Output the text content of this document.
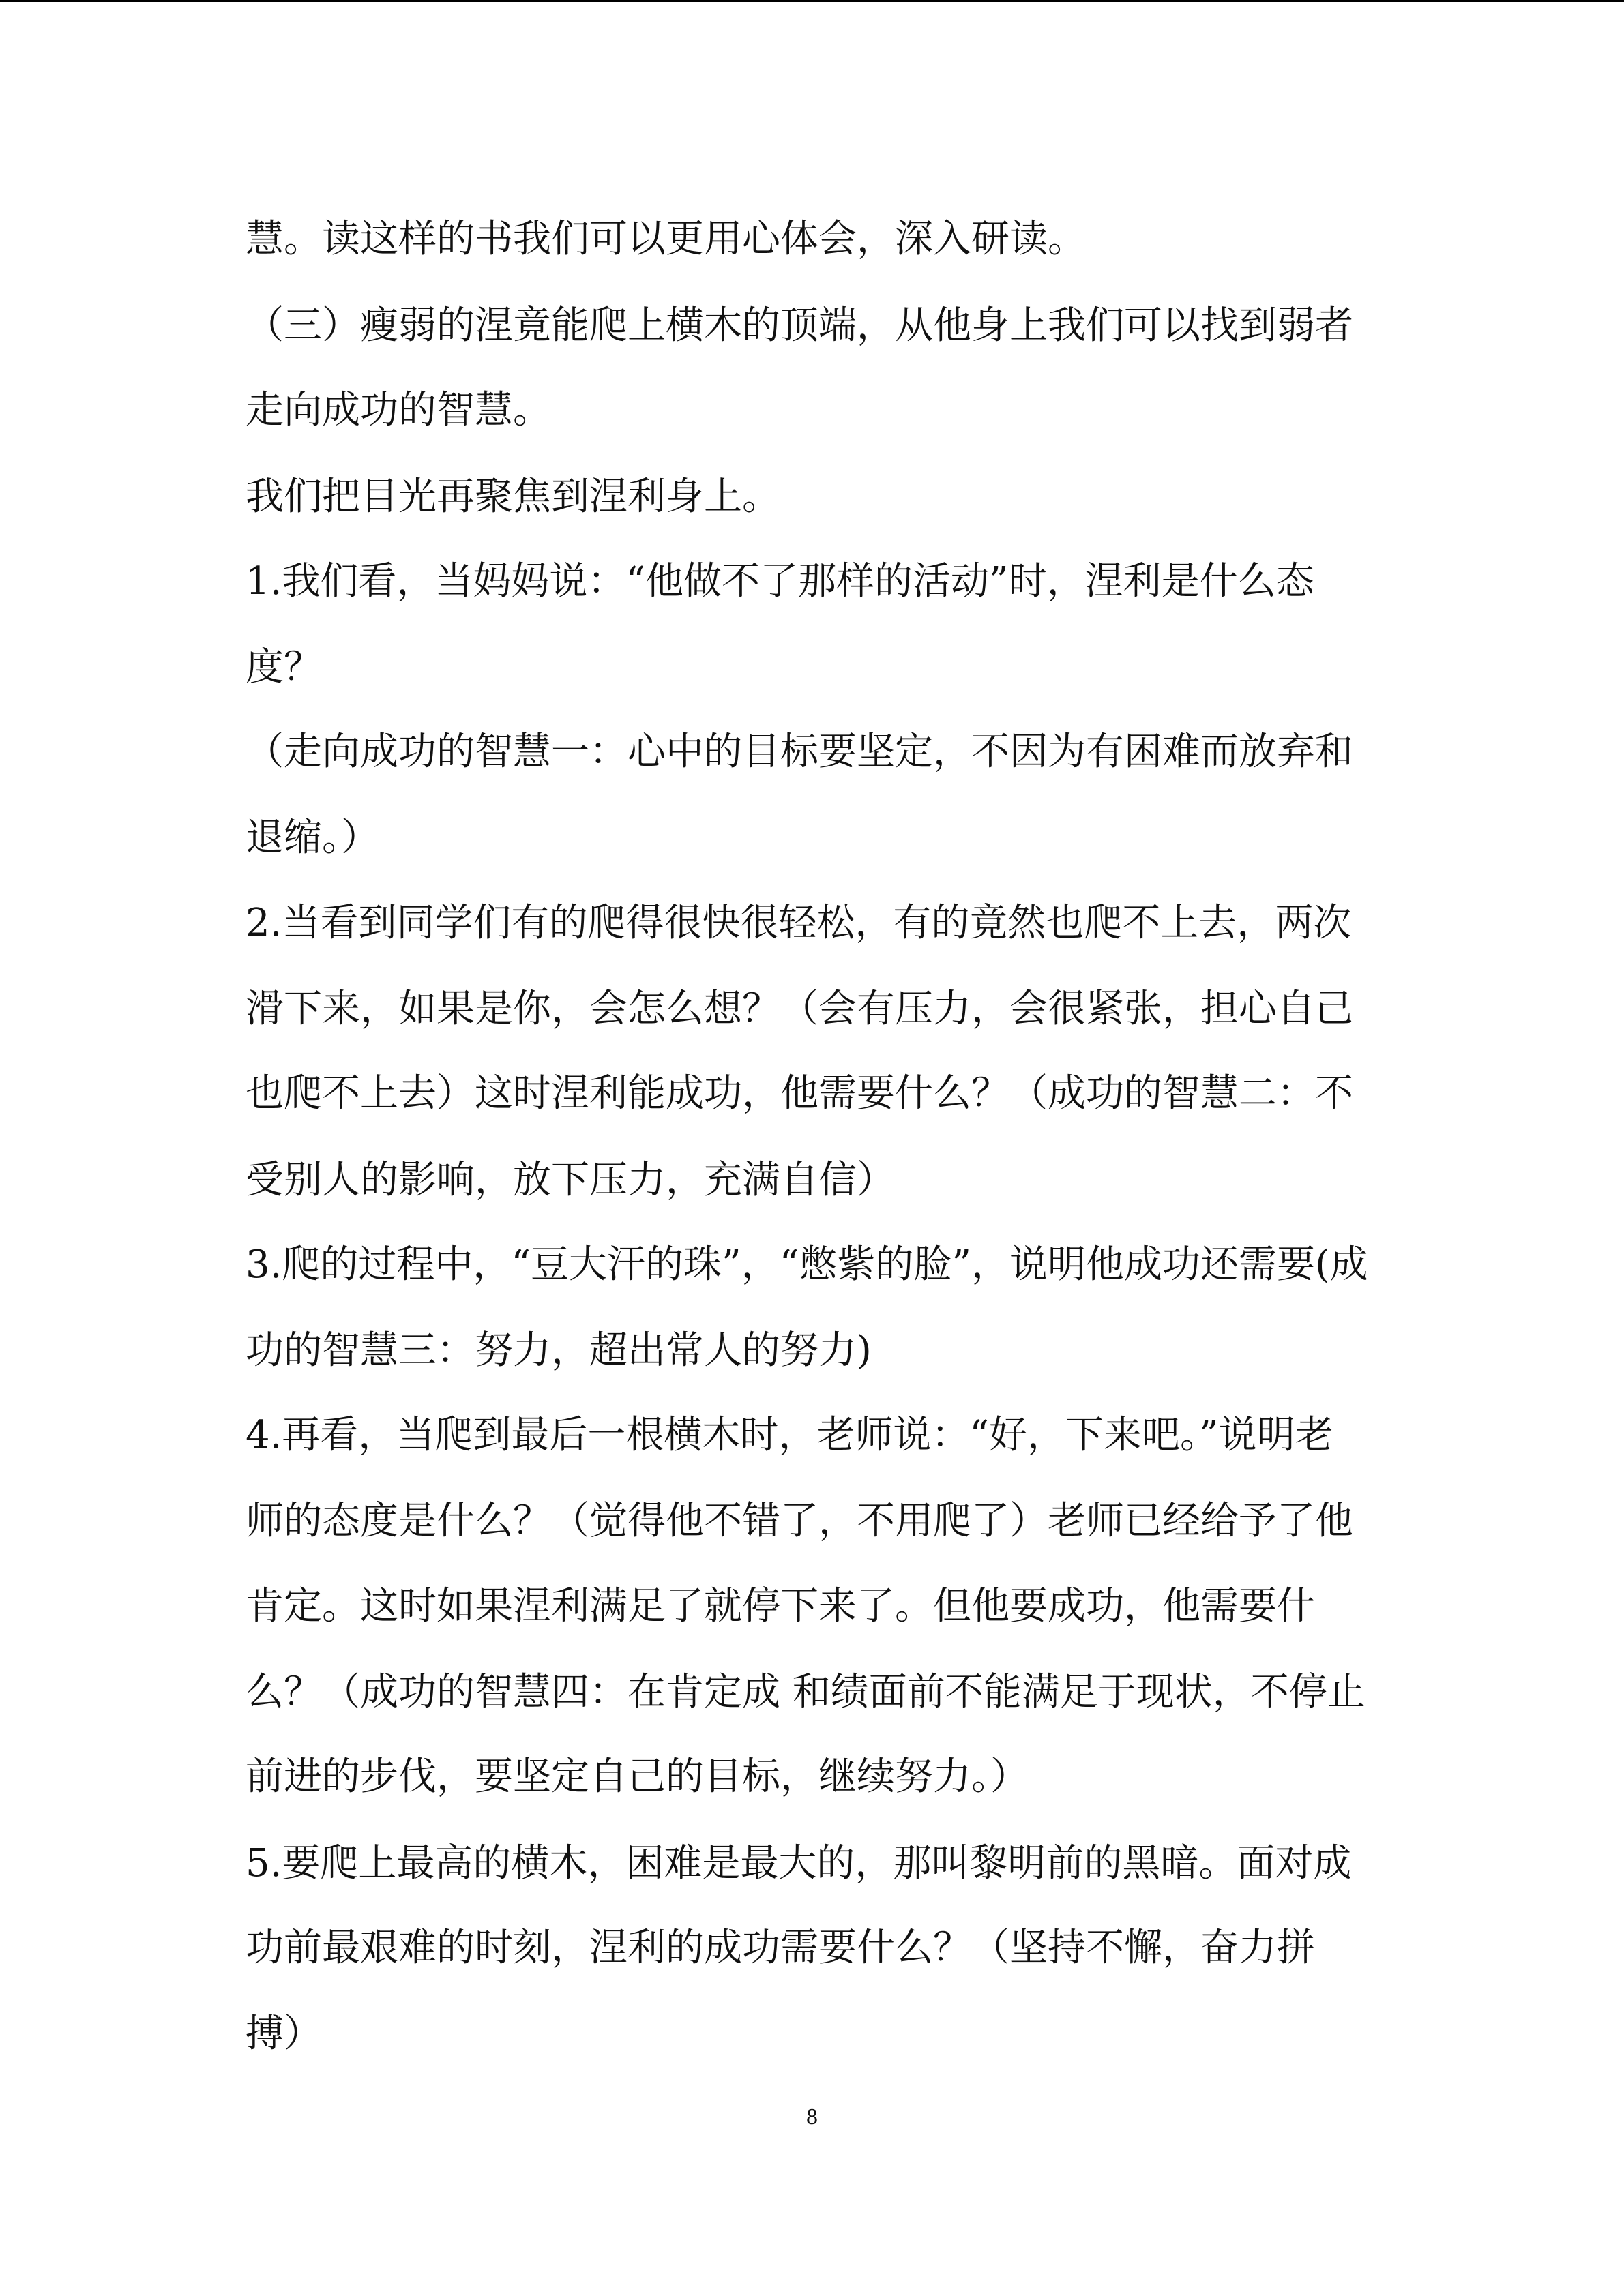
慧。读这样的书我们可以更用心体会，深入研读。
（三）瘦弱的涅竟能爬上横木的顶端，从他身上我们可以找到弱者
走向成功的智慧。
我们把目光再聚焦到涅利身上。
1.我们看，当妈妈说：“他做不了那样的活动”时，涅利是什么态
度？
（走向成功的智慧一：心中的目标要坚定，不因为有困难而放弃和
退缩。）
2.当看到同学们有的爬得很快很轻松，有的竟然也爬不上去，两次
滑下来，如果是你，会怎么想？（会有压力，会很紧张，担心自己
也爬不上去）这时涅利能成功，他需要什么？（成功的智慧二：不
受别人的影响，放下压力，充满自信）
3.爬的过程中，“豆大汗的珠”，“憋紫的脸”，说明他成功还需要(成
功的智慧三：努力，超出常人的努力)
4.再看，当爬到最后一根横木时，老师说：“好，下来吧。”说明老
师的态度是什么？（觉得他不错了，不用爬了）老师已经给予了他
肯定。这时如果涅利满足了就停下来了。但他要成功，他需要什
么？（成功的智慧四：在肯定成 和绩面前不能满足于现状，不停止
前进的步伐，要坚定自己的目标，继续努力。）
5.要爬上最高的横木，困难是最大的，那叫黎明前的黑暗。面对成
功前最艰难的时刻，涅利的成功需要什么？（坚持不懈，奋力拼
搏）
8
